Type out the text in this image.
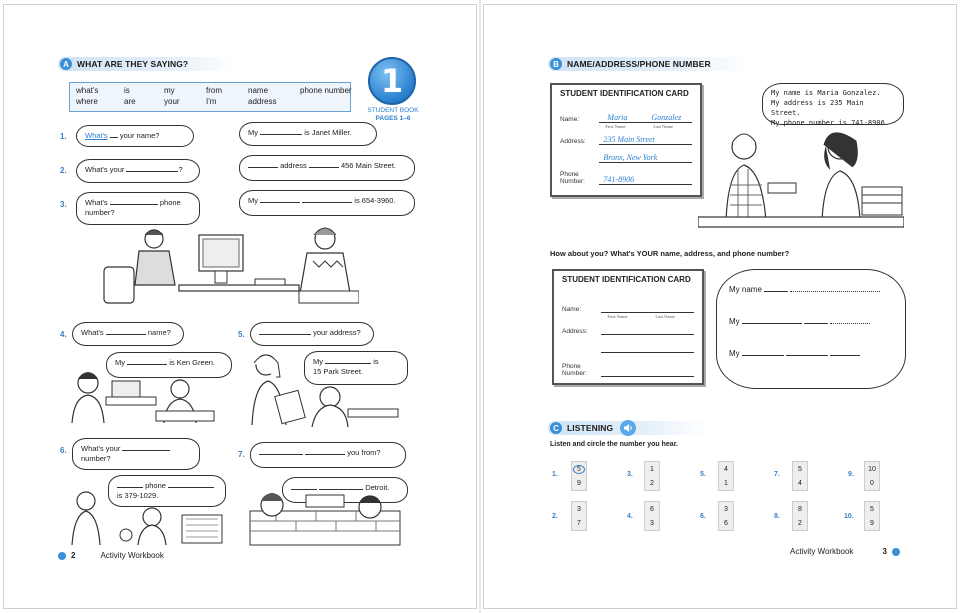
A WHAT ARE THEY SAYING?
what's	is	my	from	name	phone number
where	are	your	I'm	address
1
STUDENT BOOK
PAGES 1–6
1.	What's your name?	My	is Janet Miller.
2.	What's your	?	address	456 Main Street.
3.	What's	phone
number?
My	is 654-3960.
4.	What's	name?
My	is Ken Green.
5.	your address?
My	is
15 Park Street.
6.	What's your
number?
phone
is 379-1029.
7.	you from?
Detroit.
2	Activity Workbook
B NAME/ADDRESS/PHONE NUMBER
STUDENT IDENTIFICATION CARD
Name:	Maria	Gonzalez
First Name	Last Name
Address:	235 Main Street
Bronx, New York
Phone
Number:	741-8906
My name is Maria Gonzalez.
My address is 235 Main Street.
My phone number is 741-8906.
How about you? What's YOUR name, address, and phone number?
STUDENT IDENTIFICATION CARD
Name:
First Name	Last Name
Address:
Phone
Number:
My name
My
My
C LISTENING
Listen and circle the number you hear.
1.
5
9
3.
1
2
5.
4
1
7.
5
4
9.
10
0
2.
3
7
4.
6
3
6.
3
6
8.
8
2
10.
5
9
Activity Workbook	3
